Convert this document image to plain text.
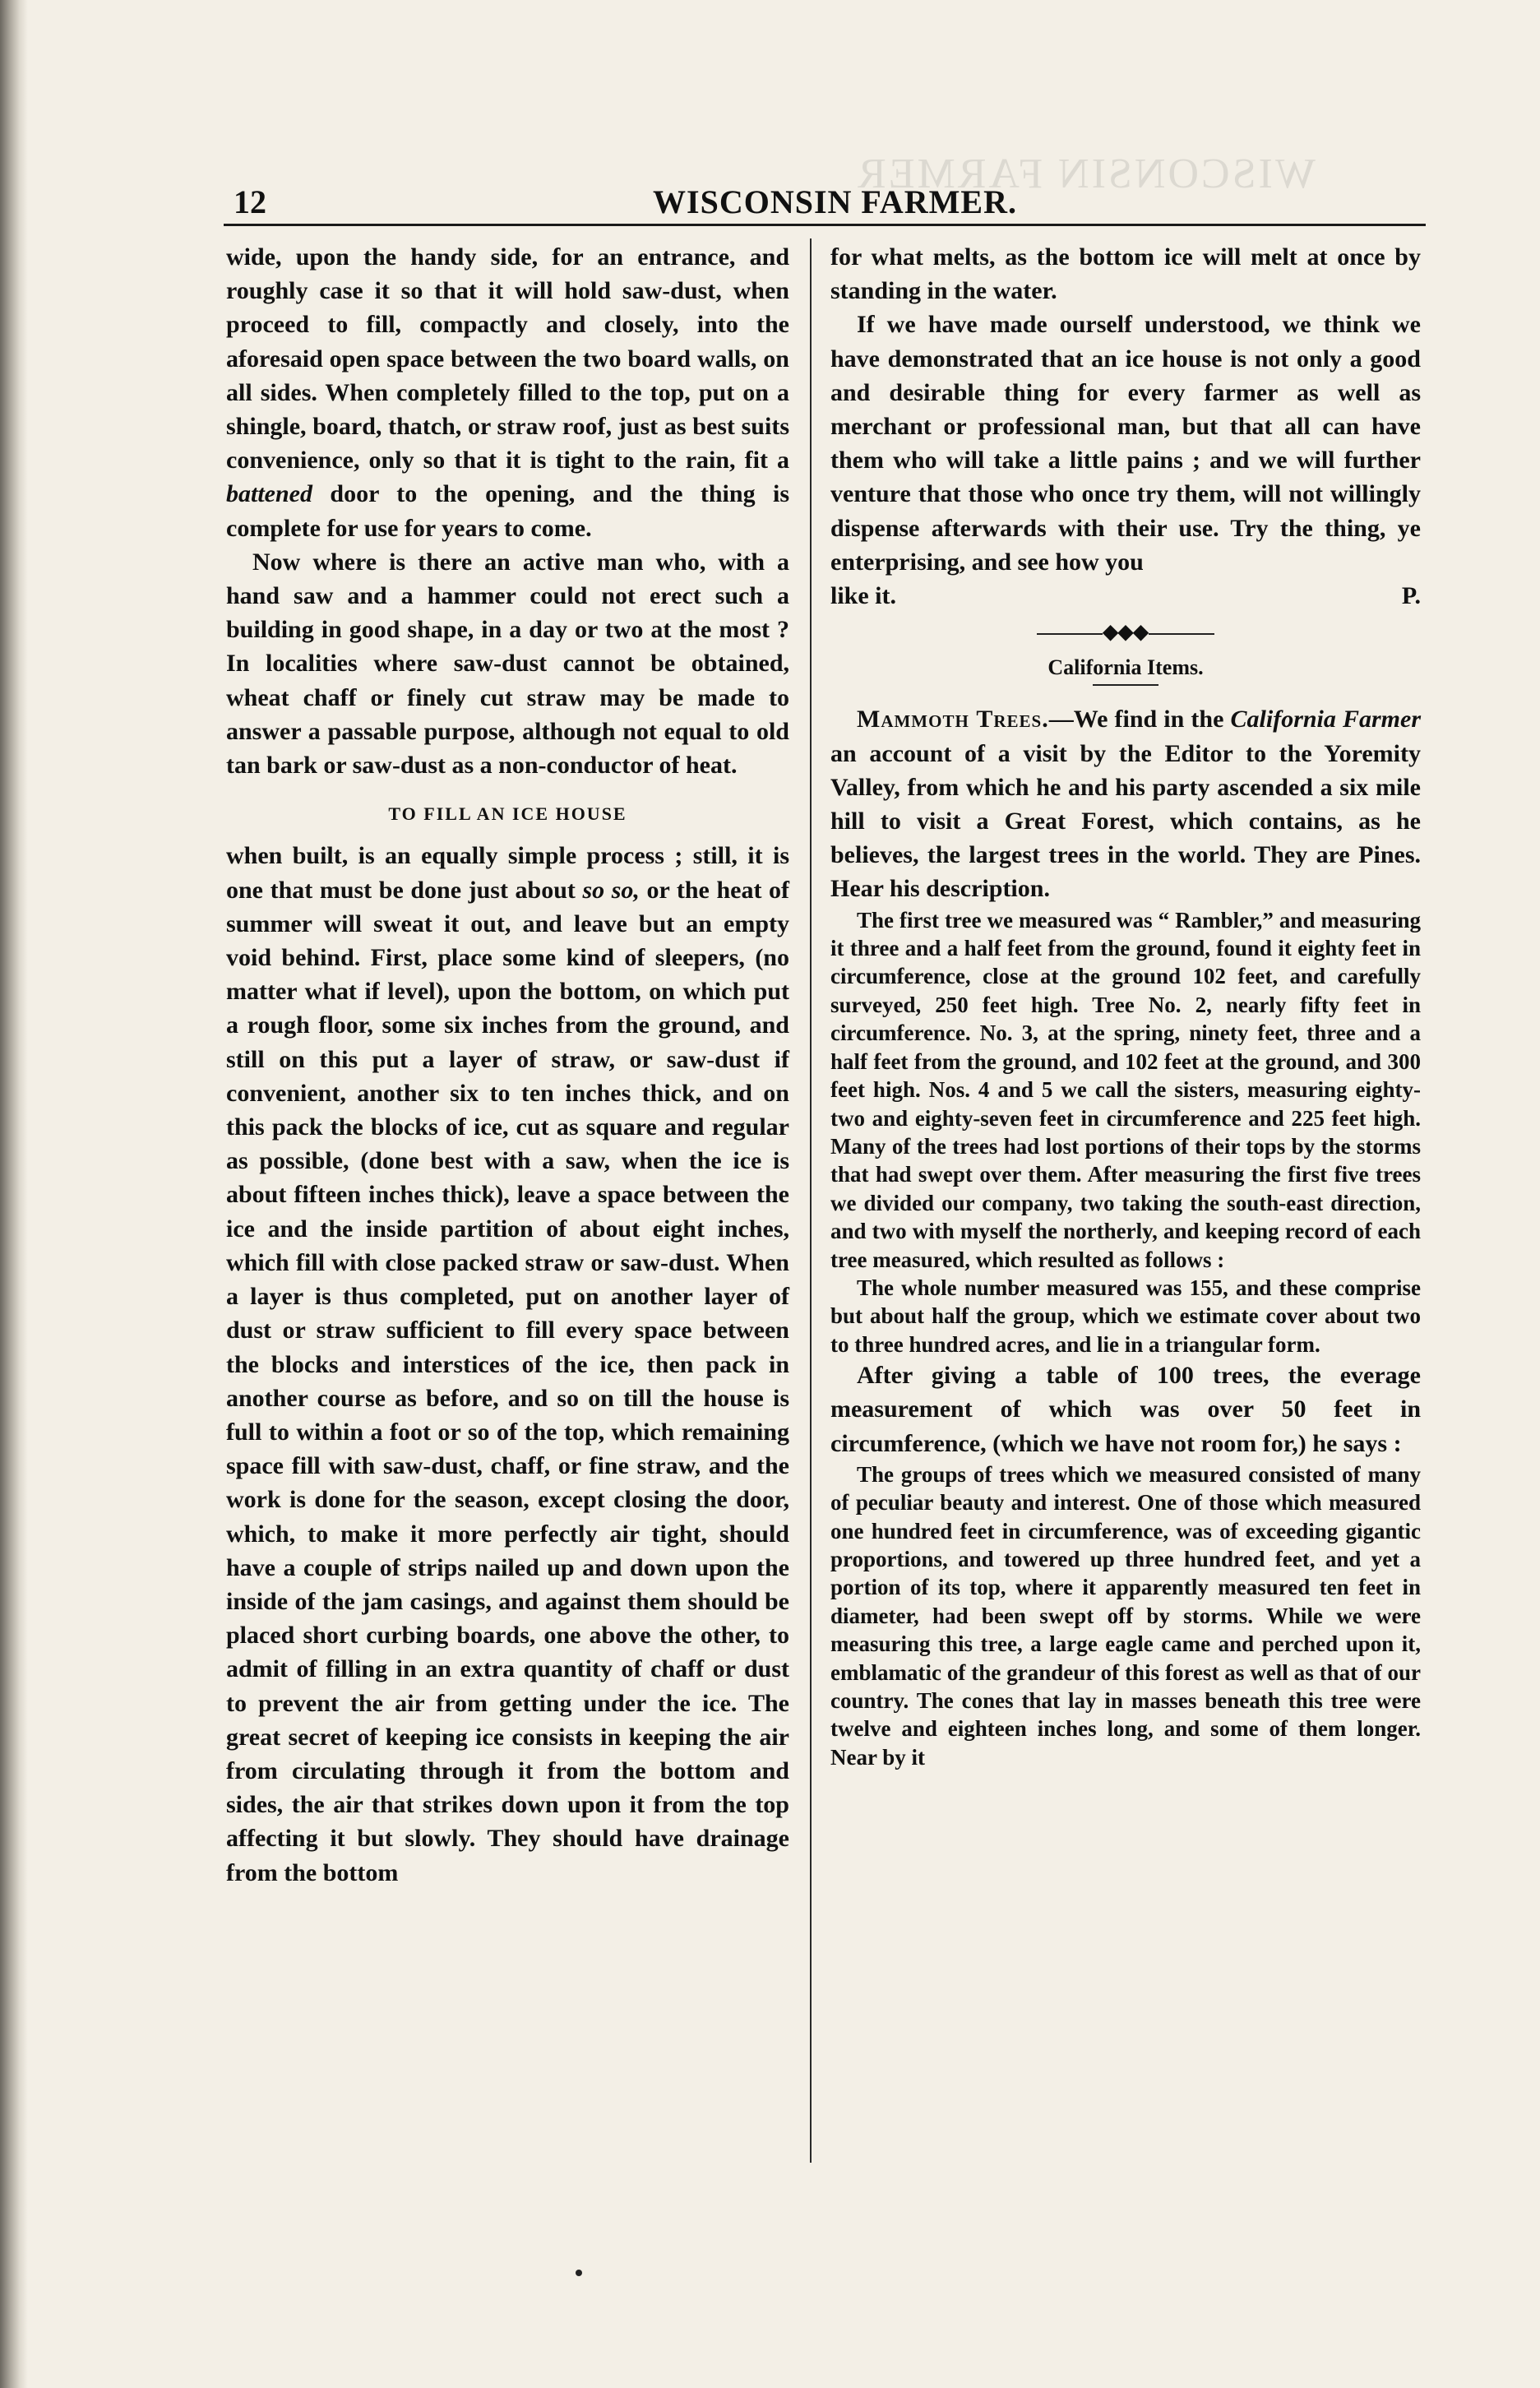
WISCONSIN FARMER
12	WISCONSIN FARMER.

wide, upon the handy side, for an entrance, and roughly case it so that it will hold saw-dust, when proceed to fill, compactly and closely, into the aforesaid open space between the two board walls, on all sides. When completely filled to the top, put on a shingle, board, thatch, or straw roof, just as best suits convenience, only so that it is tight to the rain, fit a battened door to the opening, and the thing is complete for use for years to come.

Now where is there an active man who, with a hand saw and a hammer could not erect such a building in good shape, in a day or two at the most ? In localities where saw-dust cannot be obtained, wheat chaff or finely cut straw may be made to answer a passable purpose, although not equal to old tan bark or saw-dust as a non-conductor of heat.

TO FILL AN ICE HOUSE

when built, is an equally simple process ; still, it is one that must be done just about so so, or the heat of summer will sweat it out, and leave but an empty void behind. First, place some kind of sleepers, (no matter what if level), upon the bottom, on which put a rough floor, some six inches from the ground, and still on this put a layer of straw, or saw-dust if convenient, another six to ten inches thick, and on this pack the blocks of ice, cut as square and regular as possible, (done best with a saw, when the ice is about fifteen inches thick), leave a space between the ice and the inside partition of about eight inches, which fill with close packed straw or saw-dust. When a layer is thus completed, put on another layer of dust or straw sufficient to fill every space between the blocks and interstices of the ice, then pack in another course as before, and so on till the house is full to within a foot or so of the top, which remaining space fill with saw-dust, chaff, or fine straw, and the work is done for the season, except closing the door, which, to make it more perfectly air tight, should have a couple of strips nailed up and down upon the inside of the jam casings, and against them should be placed short curbing boards, one above the other, to admit of filling in an extra quantity of chaff or dust to prevent the air from getting under the ice. The great secret of keeping ice consists in keeping the air from circulating through it from the bottom and sides, the air that strikes down upon it from the top affecting it but slowly. They should have drainage from the bottom

for what melts, as the bottom ice will melt at once by standing in the water.

If we have made ourself understood, we think we have demonstrated that an ice house is not only a good and desirable thing for every farmer as well as merchant or professional man, but that all can have them who will take a little pains ; and we will further venture that those who once try them, will not willingly dispense afterwards with their use. Try the thing, ye enterprising, and see how you

like it.	P.

◆◆◆

California Items.

Mammoth Trees.—We find in the California Farmer an account of a visit by the Editor to the Yoremity Valley, from which he and his party ascended a six mile hill to visit a Great Forest, which contains, as he believes, the largest trees in the world. They are Pines. Hear his description.

The first tree we measured was “ Rambler,” and measuring it three and a half feet from the ground, found it eighty feet in circumference, close at the ground 102 feet, and carefully surveyed, 250 feet high. Tree No. 2, nearly fifty feet in circumference. No. 3, at the spring, ninety feet, three and a half feet from the ground, and 102 feet at the ground, and 300 feet high. Nos. 4 and 5 we call the sisters, measuring eighty-two and eighty-seven feet in circumference and 225 feet high. Many of the trees had lost portions of their tops by the storms that had swept over them. After measuring the first five trees we divided our company, two taking the south-east direction, and two with myself the northerly, and keeping record of each tree measured, which resulted as follows :

The whole number measured was 155, and these comprise but about half the group, which we estimate cover about two to three hundred acres, and lie in a triangular form.

After giving a table of 100 trees, the everage measurement of which was over 50 feet in circumference, (which we have not room for,) he says :

The groups of trees which we measured consisted of many of peculiar beauty and interest. One of those which measured one hundred feet in circumference, was of exceeding gigantic proportions, and towered up three hundred feet, and yet a portion of its top, where it apparently measured ten feet in diameter, had been swept off by storms. While we were measuring this tree, a large eagle came and perched upon it, emblamatic of the grandeur of this forest as well as that of our country. The cones that lay in masses beneath this tree were twelve and eighteen inches long, and some of them longer. Near by it
